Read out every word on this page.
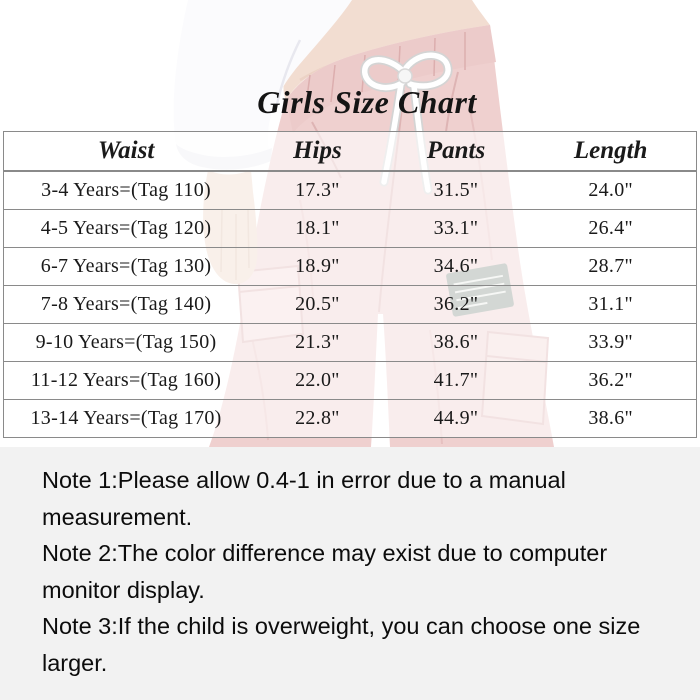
Girls Size Chart
Waist	Hips	Pants	Length
3-4 Years=(Tag 110)	17.3"	31.5"	24.0"
4-5 Years=(Tag 120)	18.1"	33.1"	26.4"
6-7 Years=(Tag 130)	18.9"	34.6"	28.7"
7-8 Years=(Tag 140)	20.5"	36.2"	31.1"
9-10 Years=(Tag 150)	21.3"	38.6"	33.9"
11-12 Years=(Tag 160)	22.0"	41.7"	36.2"
13-14 Years=(Tag 170)	22.8"	44.9"	38.6"
Note 1:Please allow 0.4-1 in error due to a manual
measurement.
Note 2:The color difference may exist due to computer
monitor display.
Note 3:If the child is overweight, you can choose one size
larger.
